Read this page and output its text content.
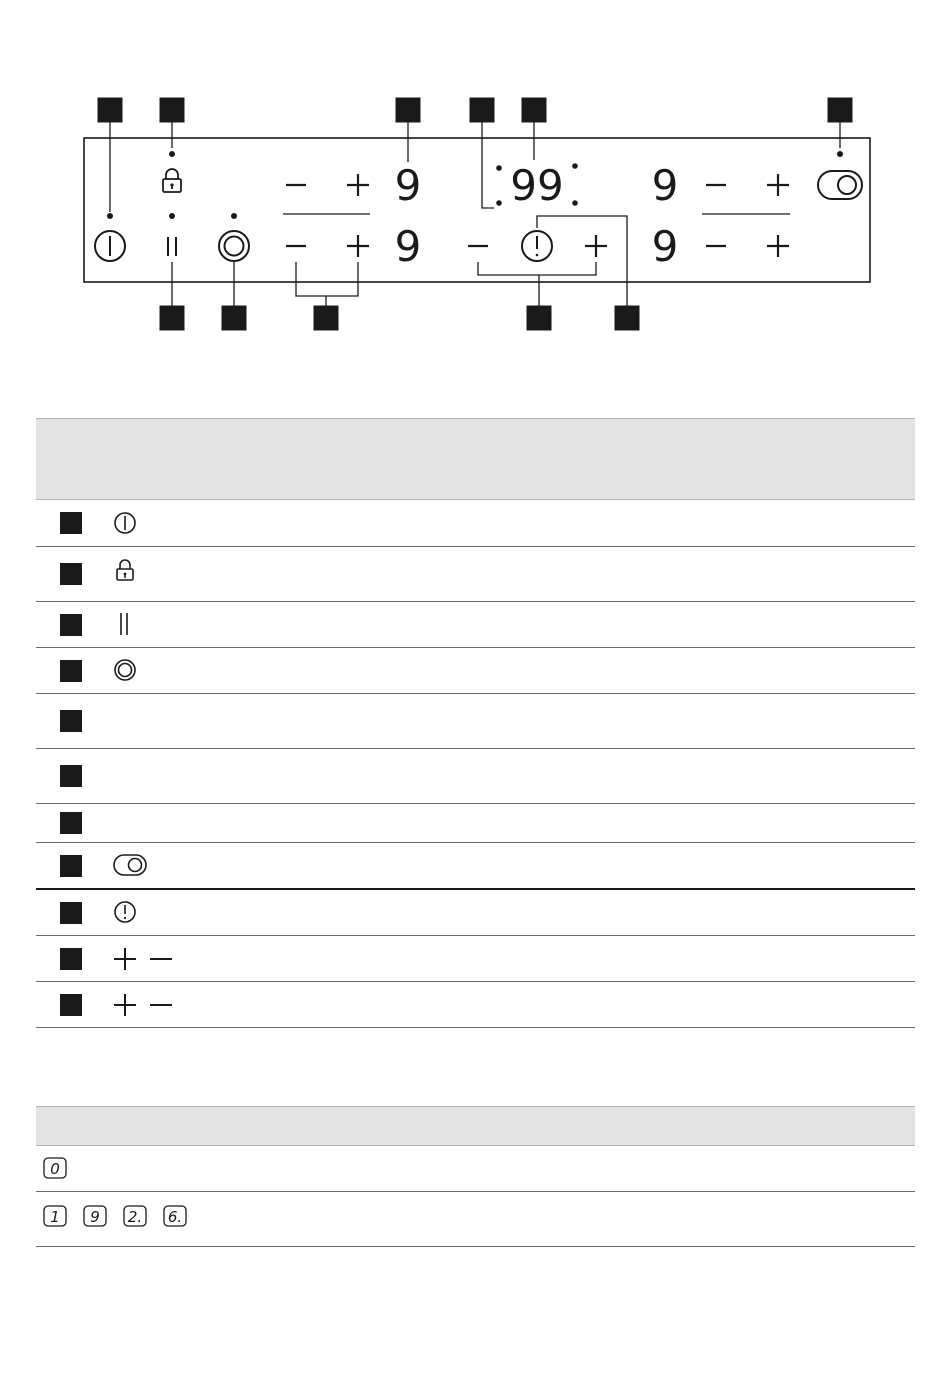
9
9
99 9
9
0
1 9 2. 6.
